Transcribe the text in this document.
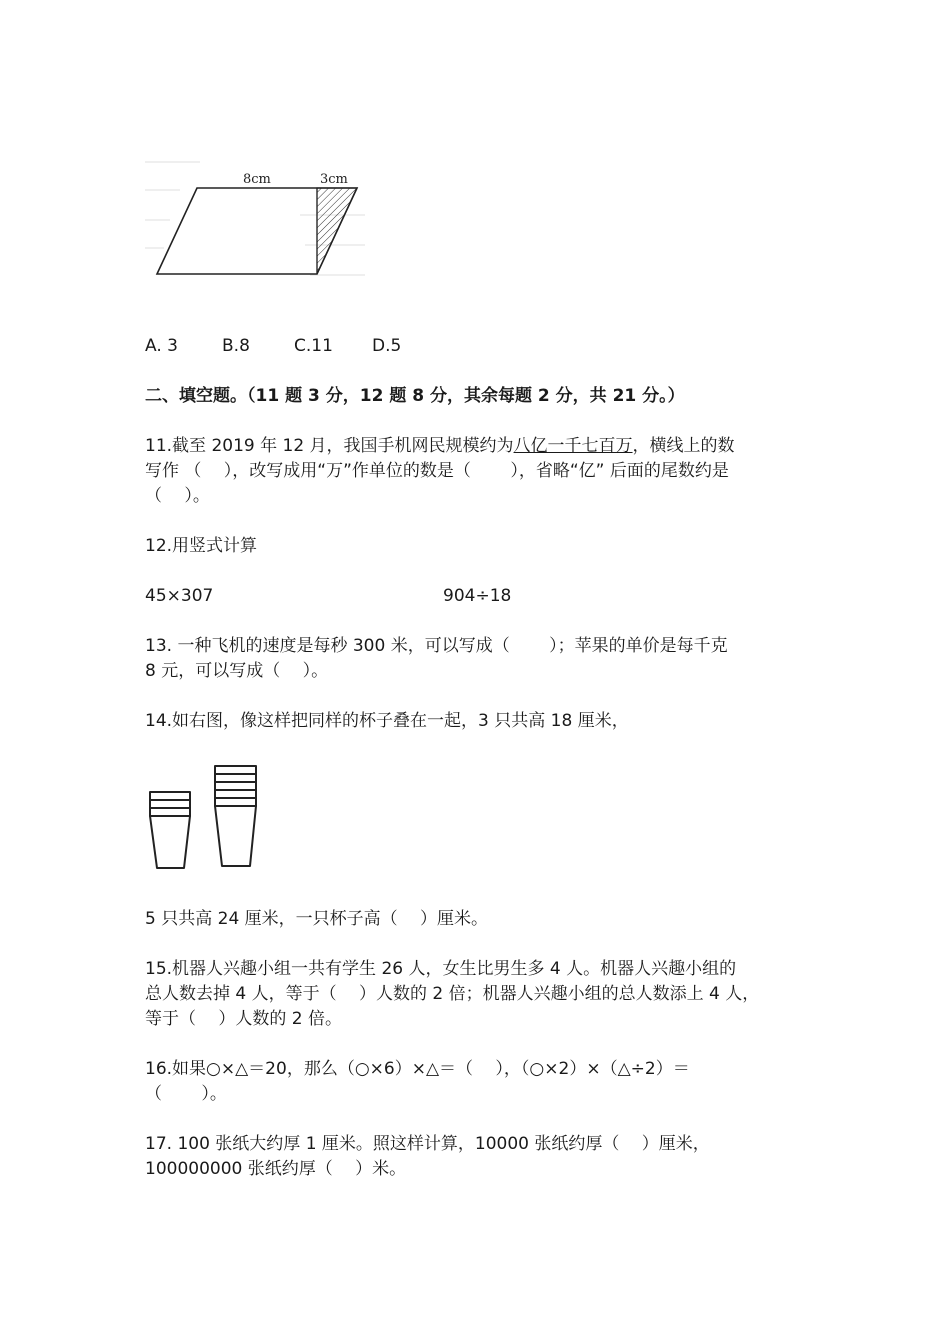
8cm	3cm
A. 3	B.8	C.11 D.5
二、填空题。（11 题 3 分，12 题 8 分，其余每题 2 分，共 21 分。）
11.截至 2019 年 12 月，我国手机网民规模约为八亿一千七百万，横线上的数
写作 （　 ），改写成用“万”作单位的数是（　　 ），省略“亿” 后面的尾数约是
（　 ）。
12.用竖式计算
45×307	904÷18
13. 一种飞机的速度是每秒 300 米，可以写成（　　 ）；苹果的单价是每千克
8 元，可以写成（　 ）。
14.如右图，像这样把同样的杯子叠在一起，3 只共高 18 厘米，
5 只共高 24 厘米，一只杯子高（　 ）厘米。
15.机器人兴趣小组一共有学生 26 人，女生比男生多 4 人。机器人兴趣小组的
总人数去掉 4 人，等于（　 ）人数的 2 倍；机器人兴趣小组的总人数添上 4 人，
等于（　 ）人数的 2 倍。
16.如果○×△＝20，那么（○×6）×△＝（　 ），（○×2）×（△÷2）＝
（　　 ）。
17. 100 张纸大约厚 1 厘米。照这样计算，10000 张纸约厚（　 ）厘米，
100000000 张纸约厚（　 ）米。
